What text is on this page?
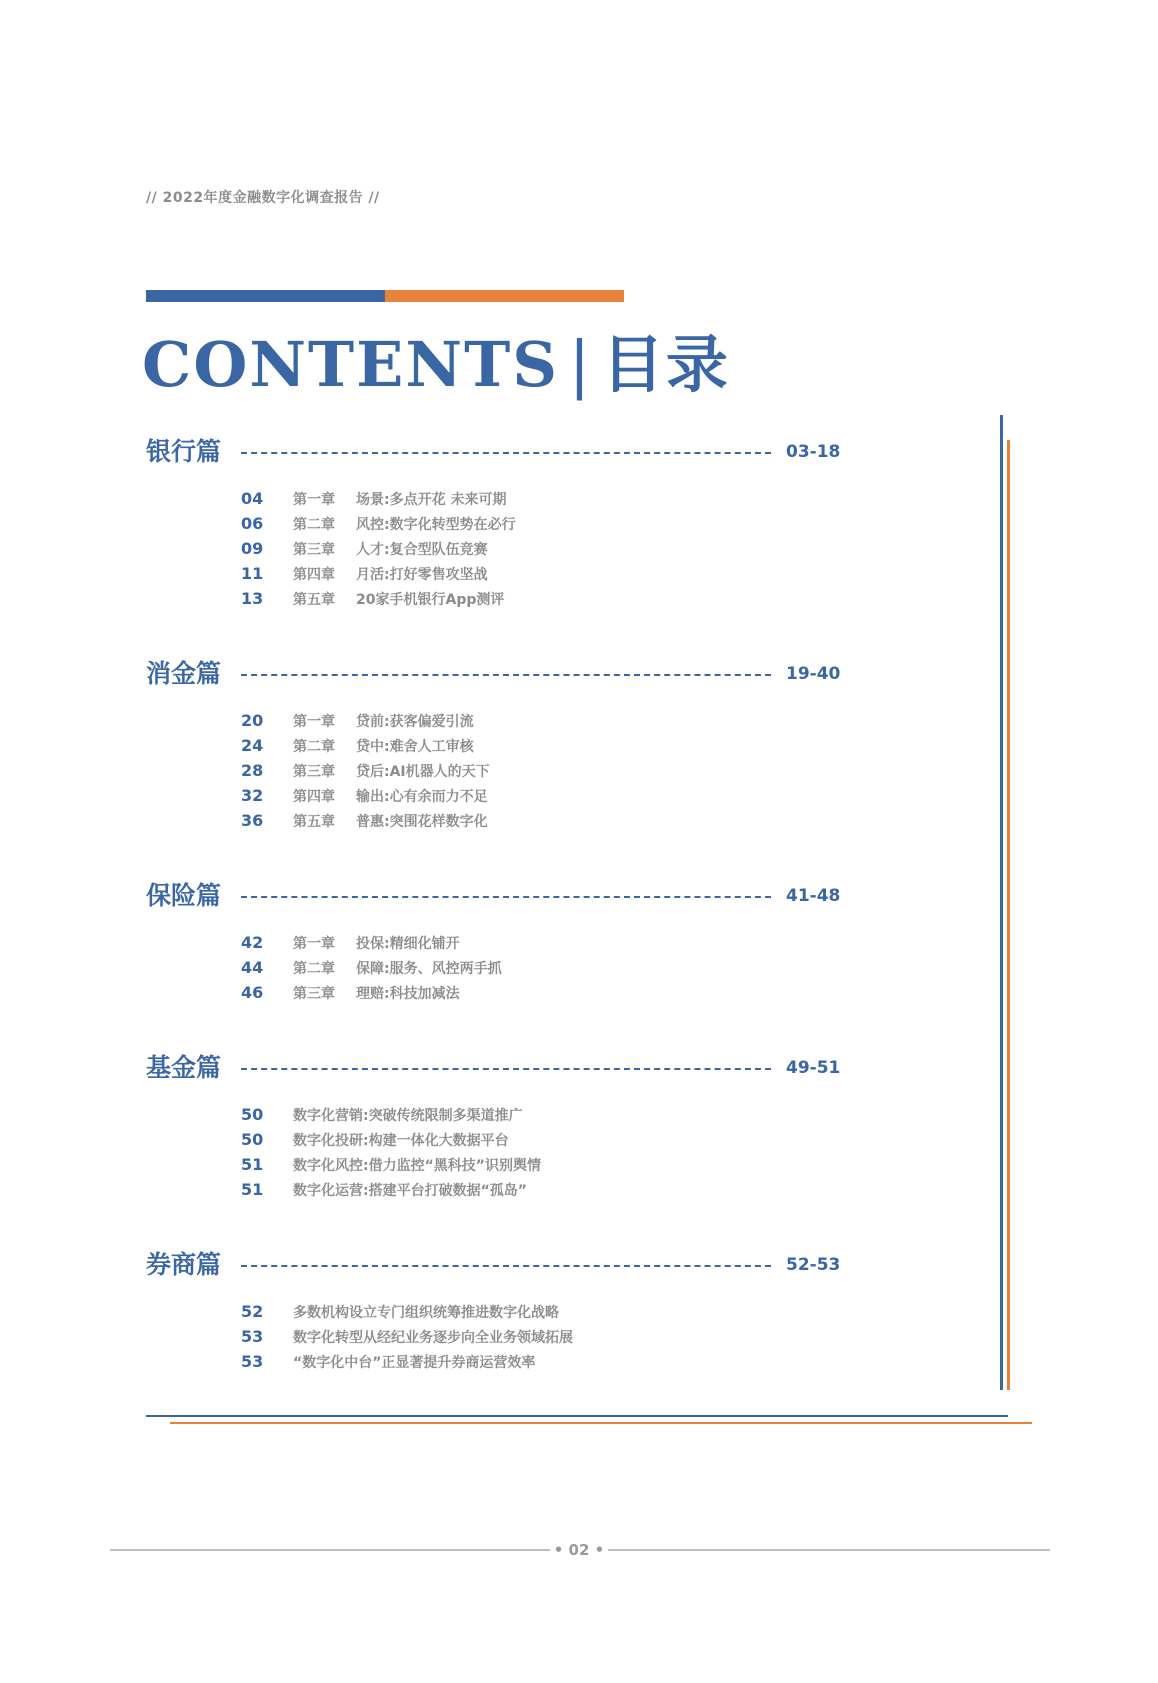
// 2022年度金融数字化调查报告 //
CONTENTS | 目录
银行篇	03-18
04 第一章 场景:多点开花 未来可期
06 第二章 风控:数字化转型势在必行
09 第三章 人才:复合型队伍竞赛
11 第四章 月活:打好零售攻坚战
13 第五章 20家手机银行App测评
消金篇	19-40
20 第一章 贷前:获客偏爱引流
24 第二章 贷中:难舍人工审核
28 第三章 贷后:AI机器人的天下
32 第四章 输出:心有余而力不足
36 第五章 普惠:突围花样数字化
保险篇	41-48
42 第一章 投保:精细化铺开
44 第二章 保障:服务、风控两手抓
46 第三章 理赔:科技加减法
基金篇	49-51
50 数字化营销:突破传统限制多渠道推广
50 数字化投研:构建一体化大数据平台
51 数字化风控:借力监控“黑科技”识别舆情
51 数字化运营:搭建平台打破数据“孤岛”
券商篇	52-53
52 多数机构设立专门组织统筹推进数字化战略
53 数字化转型从经纪业务逐步向全业务领域拓展
53 “数字化中台”正显著提升券商运营效率
• 02 •
